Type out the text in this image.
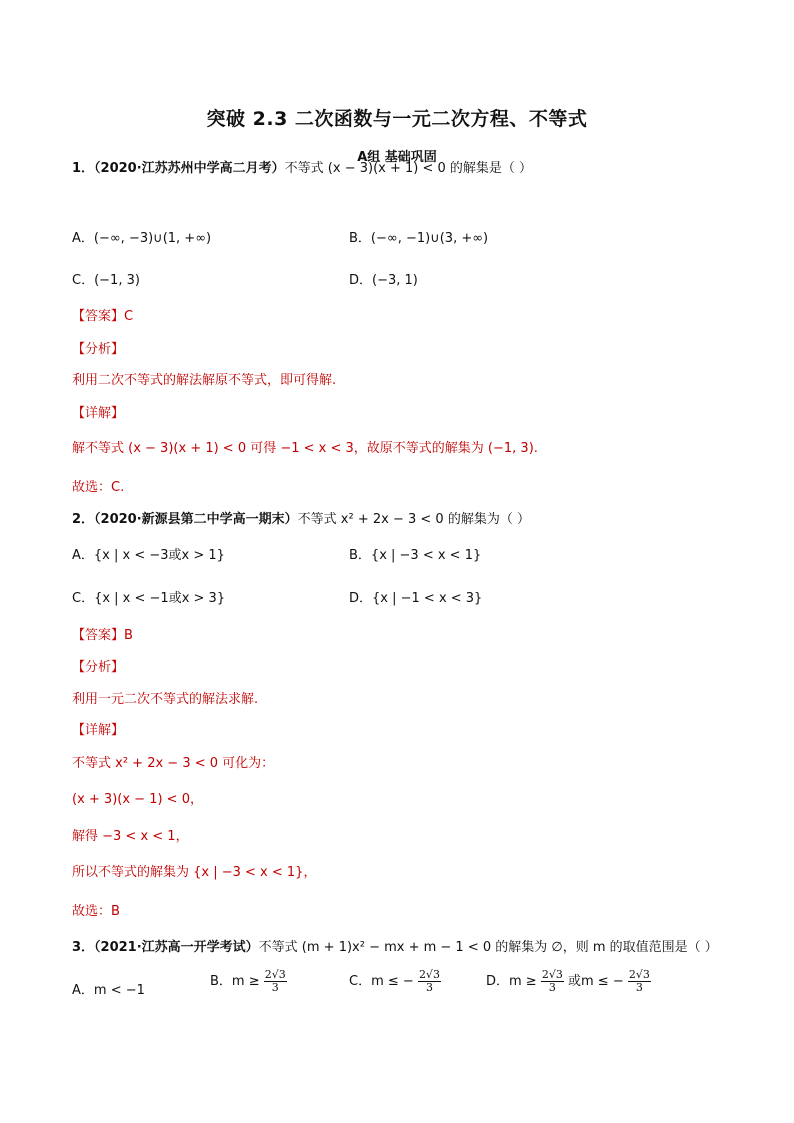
突破 2.3 二次函数与一元二次方程、不等式
A组 基础巩固
1．（2020·江苏苏州中学高二月考）不等式 (x − 3)(x + 1) < 0 的解集是（ ）
A．(−∞, −3)∪(1, +∞)	B．(−∞, −1)∪(3, +∞)
C．(−1, 3)	D．(−3, 1)
【答案】C
【分析】
利用二次不等式的解法解原不等式，即可得解.
【详解】
解不等式 (x − 3)(x + 1) < 0 可得 −1 < x < 3，故原不等式的解集为 (−1, 3).
故选：C.
2．（2020·新源县第二中学高一期末）不等式 x² + 2x − 3 < 0 的解集为（ ）
A．{x | x < −3或x > 1}	B．{x | −3 < x < 1}
C．{x | x < −1或x > 3}	D．{x | −1 < x < 3}
【答案】B
【分析】
利用一元二次不等式的解法求解.
【详解】
不等式 x² + 2x − 3 < 0 可化为：
(x + 3)(x − 1) < 0，
解得 −3 < x < 1，
所以不等式的解集为 {x | −3 < x < 1}，
故选：B
3．（2021·江苏高一开学考试）不等式 (m + 1)x² − mx + m − 1 < 0 的解集为 ∅，则 m 的取值范围是（ ）
A．m < −1
B．$m \ge \frac{2√3}{3}$	C．m ≤ − $\frac{2√3}{3}$	D．$m \ge \frac{2√3}{3}$ 或m ≤ − $\frac{2√3}{3}$
